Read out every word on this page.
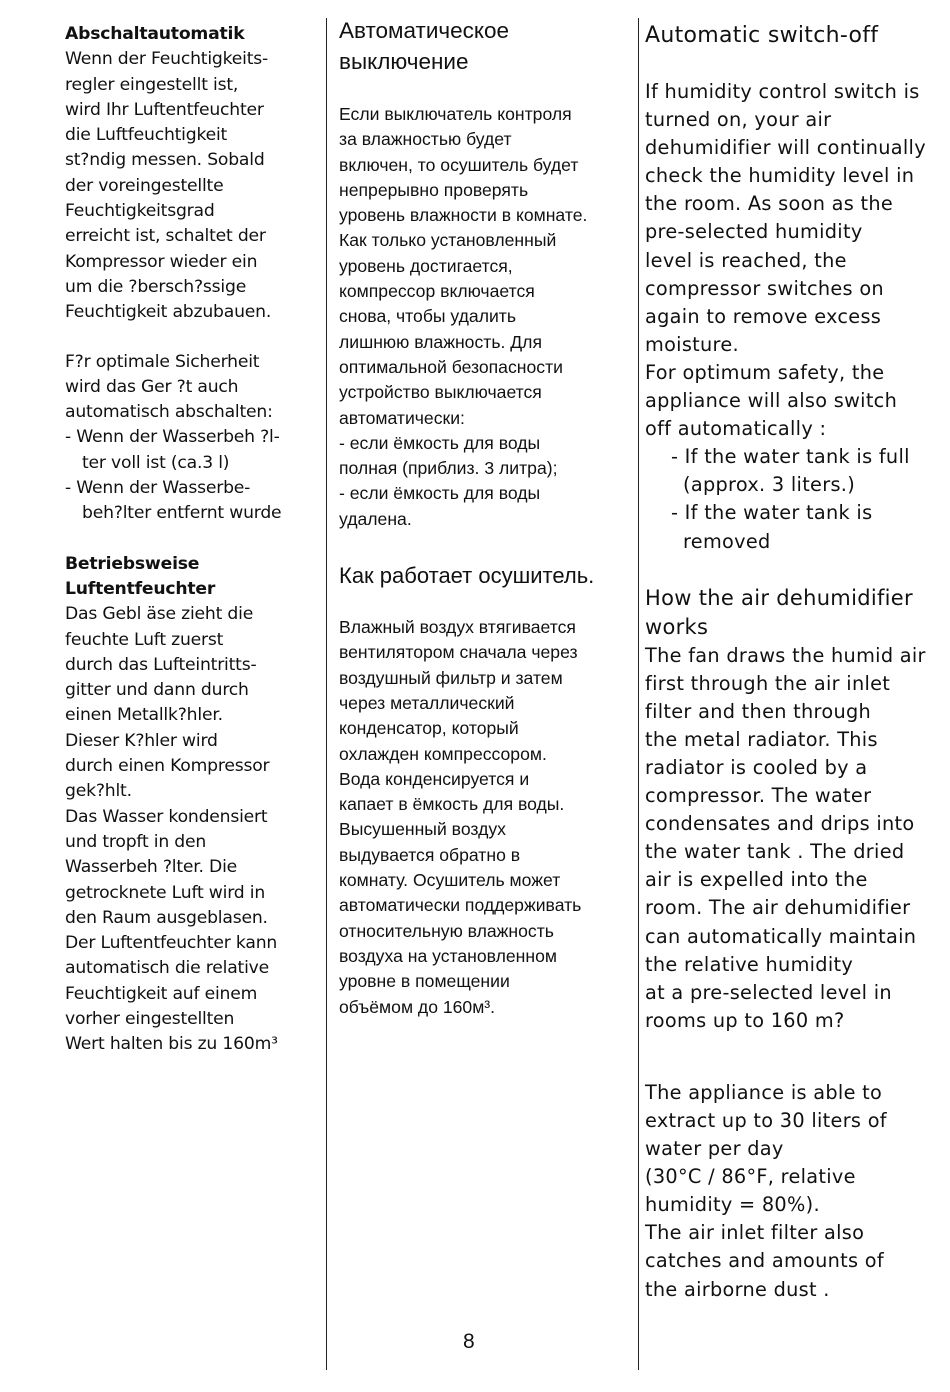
Abschaltautomatik
Wenn der Feuchtigkeits-
regler eingestellt ist,
wird Ihr Luftentfeuchter
die Luftfeuchtigkeit
st?ndig messen. Sobald
der voreingestellte
Feuchtigkeitsgrad
erreicht ist, schaltet der
Kompressor wieder ein
um die ?bersch?ssige
Feuchtigkeit abzubauen.
F?r optimale Sicherheit
wird das Ger ?t auch
automatisch abschalten:
- Wenn der Wasserbeh ?l-
ter voll ist (ca.3 l)
- Wenn der Wasserbe-
beh?lter entfernt wurde
Betriebsweise
Luftentfeuchter
Das Gebl äse zieht die
feuchte Luft zuerst
durch das Lufteintritts-
gitter und dann durch
einen Metallk?hler.
Dieser K?hler wird
durch einen Kompressor
gek?hlt.
Das Wasser kondensiert
und tropft in den
Wasserbeh ?lter. Die
getrocknete Luft wird in
den Raum ausgeblasen.
Der Luftentfeuchter kann
automatisch die relative
Feuchtigkeit auf einem
vorher eingestellten
Wert halten bis zu 160m³
Автоматическое
выключение
Если выключатель контроля
за влажностью будет
включен, то осушитель будет
непрерывно проверять
уровень влажности в комнате.
Как только установленный
уровень достигается,
компрессор включается
снова, чтобы удалить
лишнюю влажность. Для
оптимальной безопасности
устройство выключается
автоматически:
- если ёмкость для воды
полная (приблиз. 3 литра);
- если ёмкость для воды
удалена.
Как работает осушитель.
Влажный воздух втягивается
вентилятором сначала через
воздушный фильтр и затем
через металлический
конденсатор, который
охлажден компрессором.
Вода конденсируется и
капает в ёмкость для воды.
Высушенный воздух
выдувается обратно в
комнату. Осушитель может
автоматически поддерживать
относительную влажность
воздуха на установленном
уровне в помещении
объёмом до 160м³.
Automatic switch-off
If humidity control switch is
turned on, your air
dehumidifier will continually
check the humidity level in
the room. As soon as the
pre-selected humidity
level is reached, the
compressor switches on
again to remove excess
moisture.
For optimum safety, the
appliance will also switch
off automatically :
- If the water tank is full
(approx. 3 liters.)
- If the water tank is
removed
How the air dehumidifier
works
The fan draws the humid air
first through the air inlet
filter and then through
the metal radiator. This
radiator is cooled by a
compressor. The water
condensates and drips into
the water tank . The dried
air is expelled into the
room. The air dehumidifier
can automatically maintain
the relative humidity
at a pre-selected level in
rooms up to 160 m?
The appliance is able to
extract up to 30 liters of
water per day
(30°C / 86°F, relative
humidity = 80%).
The air inlet filter also
catches and amounts of
the airborne dust .
8
